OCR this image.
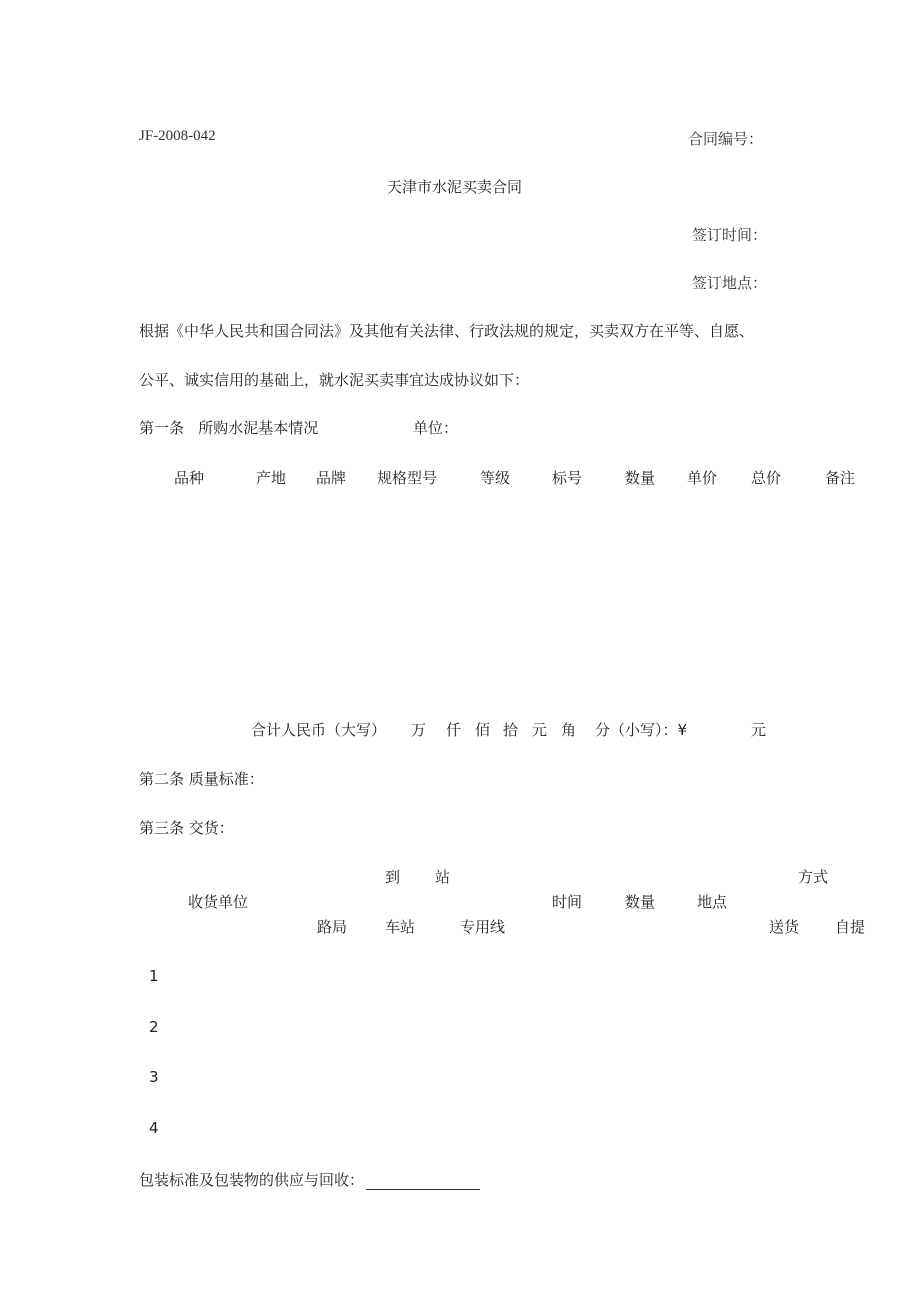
JF-2008-042	合同编号：
天津市水泥买卖合同
签订时间：
签订地点：
根据《中华人民共和国合同法》及其他有关法律、行政法规的规定，买卖双方在平等、自愿、
公平、诚实信用的基础上，就水泥买卖事宜达成协议如下：
第一条   所购水泥基本情况	单位：
品种	产地 品牌 规格型号	等级	标号	数量 单价 总价	备注
合计人民币（大写） 万 仟 佰 拾 元 角 分（小写）：¥	元
第二条 质量标准：
第三条 交货：
到 站	方式
收货单位	时间	数量	地点
路局	车站	专用线	送货 自提
1
2
3
4
包装标准及包装物的供应与回收：
